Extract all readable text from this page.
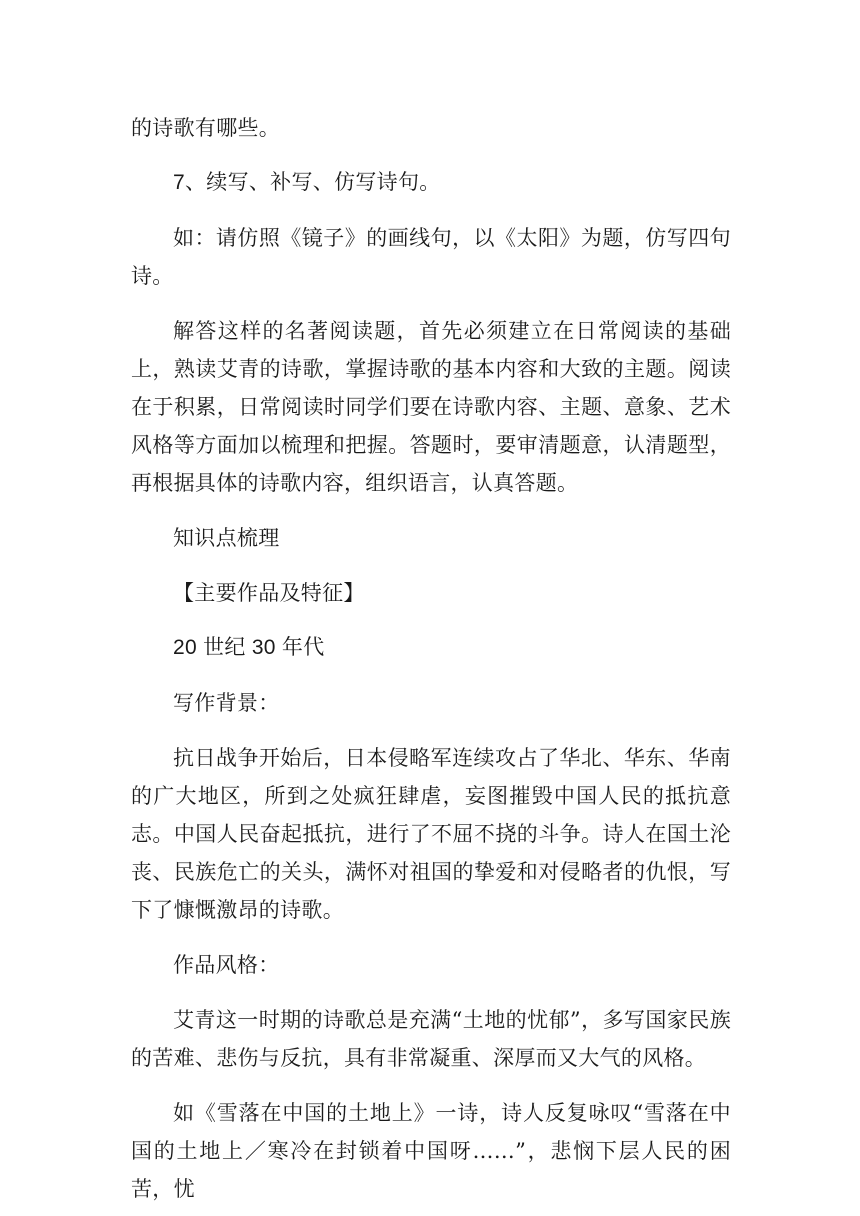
的诗歌有哪些。

7、续写、补写、仿写诗句。

如：请仿照《镜子》的画线句，以《太阳》为题，仿写四句诗。

解答这样的名著阅读题，首先必须建立在日常阅读的基础上，熟读艾青的诗歌，掌握诗歌的基本内容和大致的主题。阅读在于积累，日常阅读时同学们要在诗歌内容、主题、意象、艺术风格等方面加以梳理和把握。答题时，要审清题意，认清题型，再根据具体的诗歌内容，组织语言，认真答题。

知识点梳理

【主要作品及特征】

20 世纪 30 年代

写作背景：

抗日战争开始后，日本侵略军连续攻占了华北、华东、华南的广大地区，所到之处疯狂肆虐，妄图摧毁中国人民的抵抗意志。中国人民奋起抵抗，进行了不屈不挠的斗争。诗人在国土沦丧、民族危亡的关头，满怀对祖国的挚爱和对侵略者的仇恨，写下了慷慨激昂的诗歌。

作品风格：

艾青这一时期的诗歌总是充满“土地的忧郁”，多写国家民族的苦难、悲伤与反抗，具有非常凝重、深厚而又大气的风格。

如《雪落在中国的土地上》一诗，诗人反复咏叹“雪落在中国的土地上／寒冷在封锁着中国呀……”，悲悯下层人民的困苦，忧
